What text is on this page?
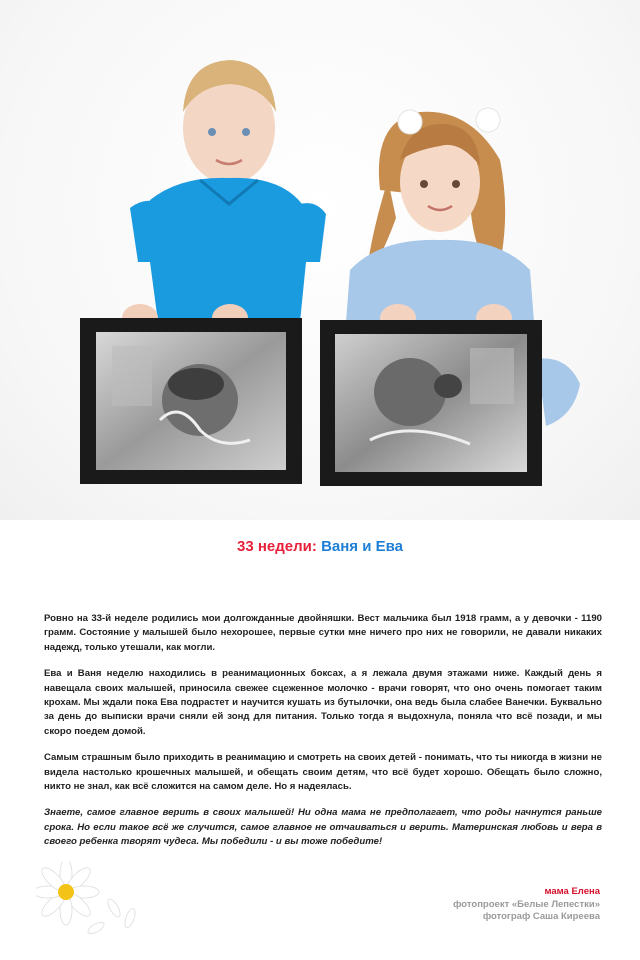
33 недели: Ваня и Ева

Ровно на 33-й неделе родились мои долгожданные двойняшки. Вест мальчика был 1918 грамм, а у девочки - 1190 грамм. Состояние у малышей было нехорошее, первые сутки мне ничего про них не говорили, не давали никаких надежд, только утешали, как могли.

Ева и Ваня неделю находились в реанимационных боксах, а я лежала двумя этажами ниже. Каждый день я навещала своих малышей, приносила свежее сцеженное молочко - врачи говорят, что оно очень помогает таким крохам. Мы ждали пока Ева подрастет и научится кушать из бутылочки, она ведь была слабее Ванечки. Буквально за день до выписки врачи сняли ей зонд для питания. Только тогда я выдохнула, поняла что всё позади, и мы скоро поедем домой.

Самым страшным было приходить в реанимацию и смотреть на своих детей - понимать, что ты никогда в жизни не видела настолько крошечных малышей, и обещать своим детям, что всё будет хорошо. Обещать было сложно, никто не знал, как всё сложится на самом деле. Но я надеялась.

Знаете, самое главное верить в своих малышей! Ни одна мама не предполагает, что роды начнутся раньше срока. Но если такое всё же случится, самое главное не отчаиваться и верить. Материнская любовь и вера в своего ребенка творят чудеса. Мы победили - и вы тоже победите!

мама Елена
фотопроект «Белые Лепестки»
фотограф Саша Киреева
